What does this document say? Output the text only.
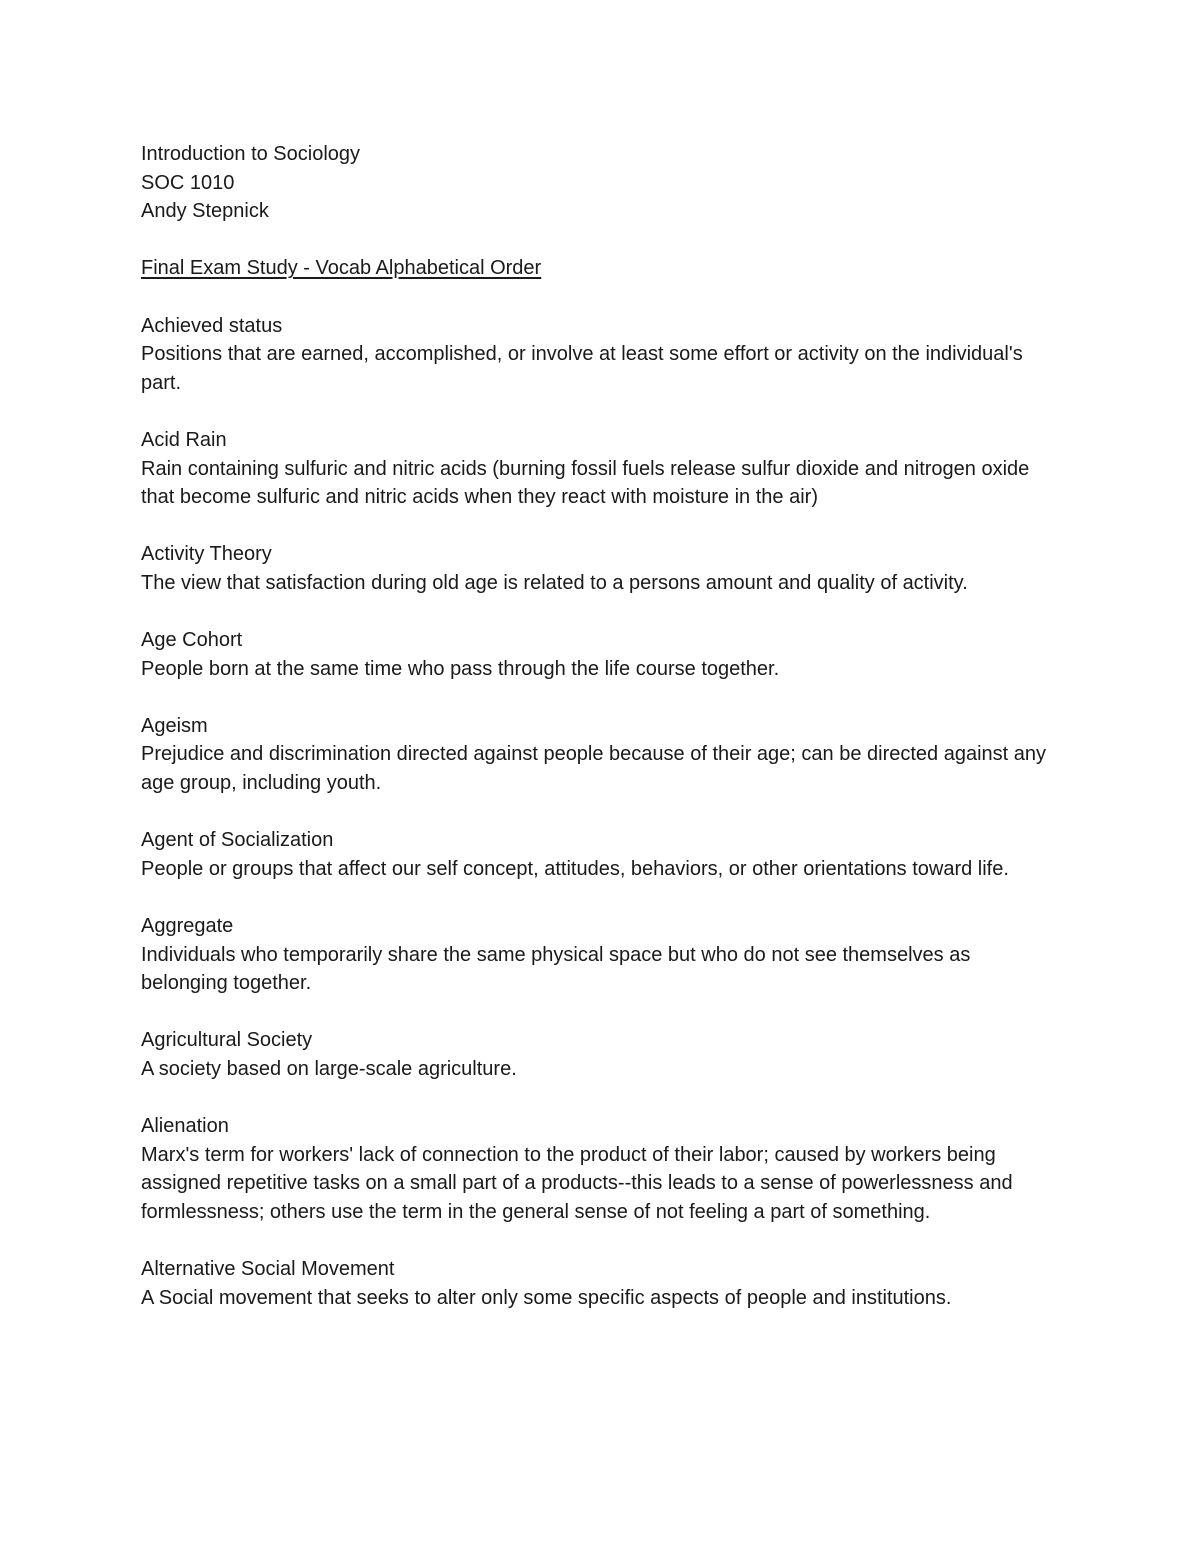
Introduction to Sociology
SOC 1010
Andy Stepnick
Final Exam Study - Vocab Alphabetical Order
Achieved status
Positions that are earned, accomplished, or involve at least some effort or activity on the individual's part.
Acid Rain
Rain containing sulfuric and nitric acids (burning fossil fuels release sulfur dioxide and nitrogen oxide that become sulfuric and nitric acids when they react with moisture in the air)
Activity Theory
The view that satisfaction during old age is related to a persons amount and quality of activity.
Age Cohort
People born at the same time who pass through the life course together.
Ageism
Prejudice and discrimination directed against people because of their age; can be directed against any age group, including youth.
Agent of Socialization
People or groups that affect our self concept, attitudes, behaviors, or other orientations toward life.
Aggregate
Individuals who temporarily share the same physical space but who do not see themselves as belonging together.
Agricultural Society
A society based on large-scale agriculture.
Alienation
Marx's term for workers' lack of connection to the product of their labor; caused by workers being assigned repetitive tasks on a small part of a products--this leads to a sense of powerlessness and formlessness; others use the term in the general sense of not feeling a part of something.
Alternative Social Movement
A Social movement that seeks to alter only some specific aspects of people and institutions.
